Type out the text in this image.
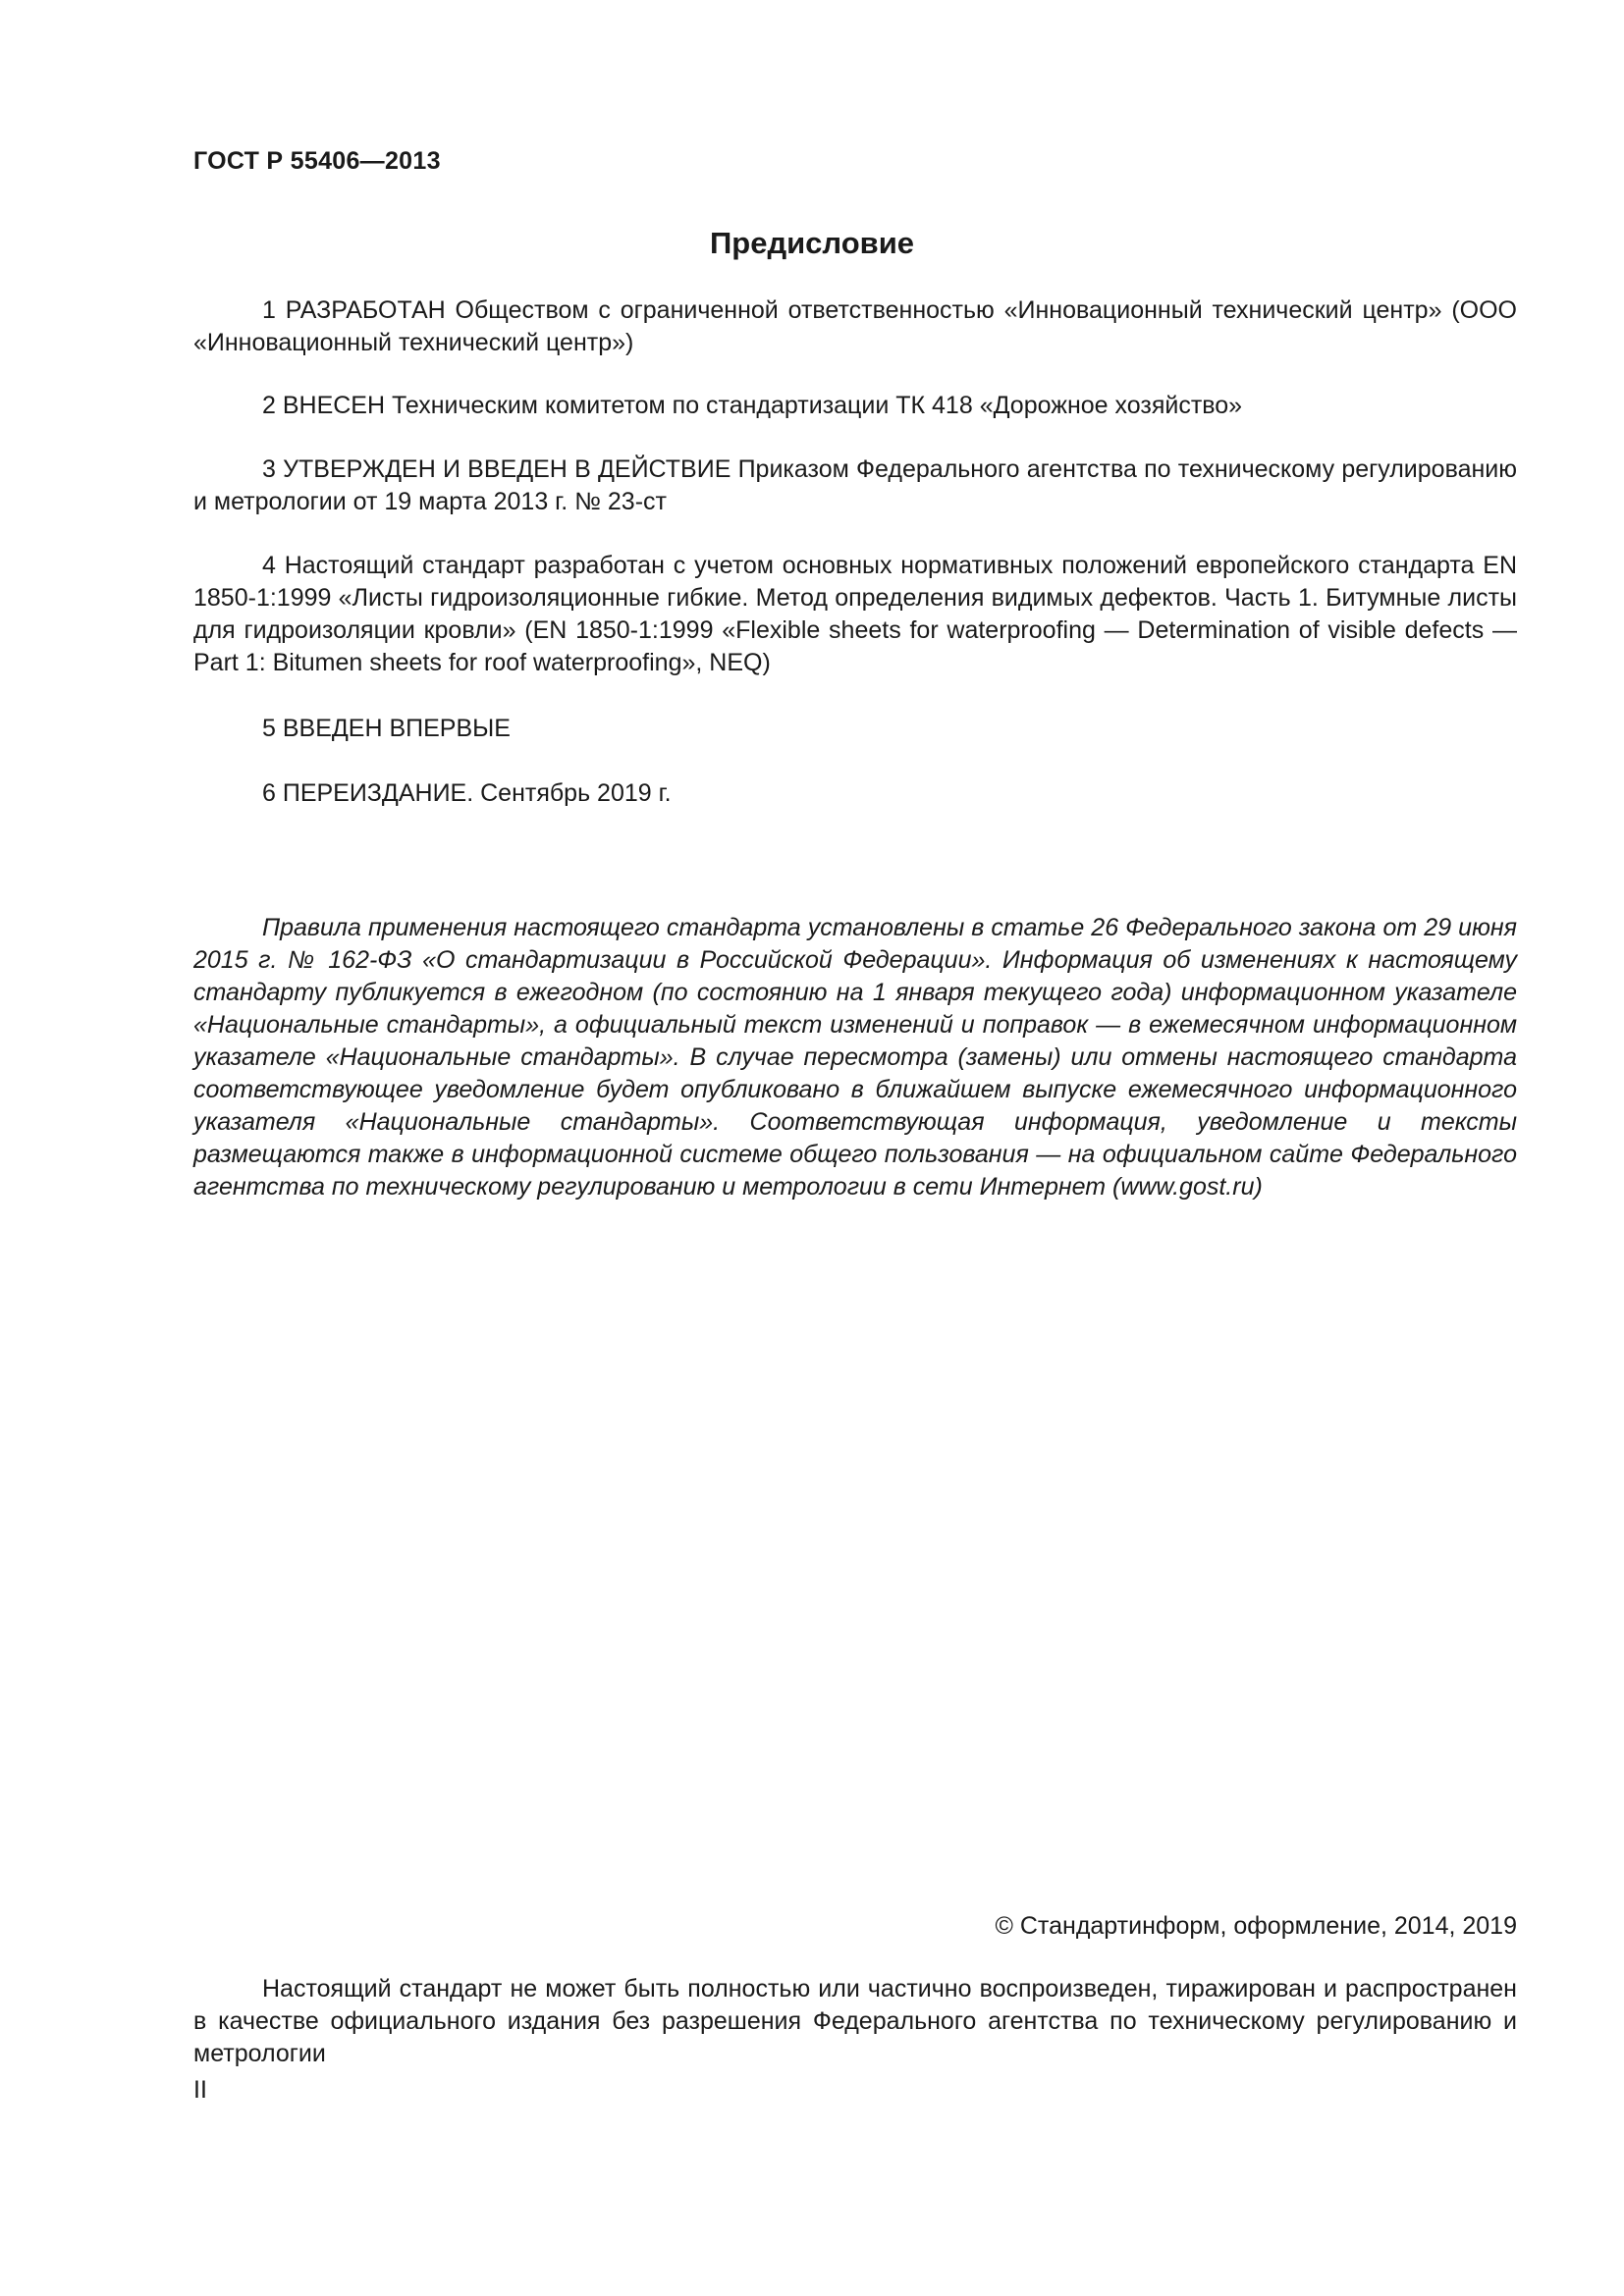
ГОСТ Р 55406—2013
Предисловие

1 РАЗРАБОТАН Обществом с ограниченной ответственностью «Инновационный технический центр» (ООО «Инновационный технический центр»)

2 ВНЕСЕН Техническим комитетом по стандартизации ТК 418 «Дорожное хозяйство»

3 УТВЕРЖДЕН И ВВЕДЕН В ДЕЙСТВИЕ Приказом Федерального агентства по техническому регулированию и метрологии от 19 марта 2013 г. № 23-ст

4 Настоящий стандарт разработан с учетом основных нормативных положений европейского стандарта EN 1850-1:1999 «Листы гидроизоляционные гибкие. Метод определения видимых дефектов. Часть 1. Битумные листы для гидроизоляции кровли» (EN 1850-1:1999 «Flexible sheets for waterproofing — Determination of visible defects — Part 1: Bitumen sheets for roof waterproofing», NEQ)

5 ВВЕДЕН ВПЕРВЫЕ

6 ПЕРЕИЗДАНИЕ. Сентябрь 2019 г.

Правила применения настоящего стандарта установлены в статье 26 Федерального закона от 29 июня 2015 г. № 162-ФЗ «О стандартизации в Российской Федерации». Информация об изменениях к настоящему стандарту публикуется в ежегодном (по состоянию на 1 января текущего года) информационном указателе «Национальные стандарты», а официальный текст изменений и поправок — в ежемесячном информационном указателе «Национальные стандарты». В случае пересмотра (замены) или отмены настоящего стандарта соответствующее уведомление будет опубликовано в ближайшем выпуске ежемесячного информационного указателя «Национальные стандарты». Соответствующая информация, уведомление и тексты размещаются также в информационной системе общего пользования — на официальном сайте Федерального агентства по техническому регулированию и метрологии в сети Интернет (www.gost.ru)

© Стандартинформ, оформление, 2014, 2019

Настоящий стандарт не может быть полностью или частично воспроизведен, тиражирован и распространен в качестве официального издания без разрешения Федерального агентства по техническому регулированию и метрологии

II
